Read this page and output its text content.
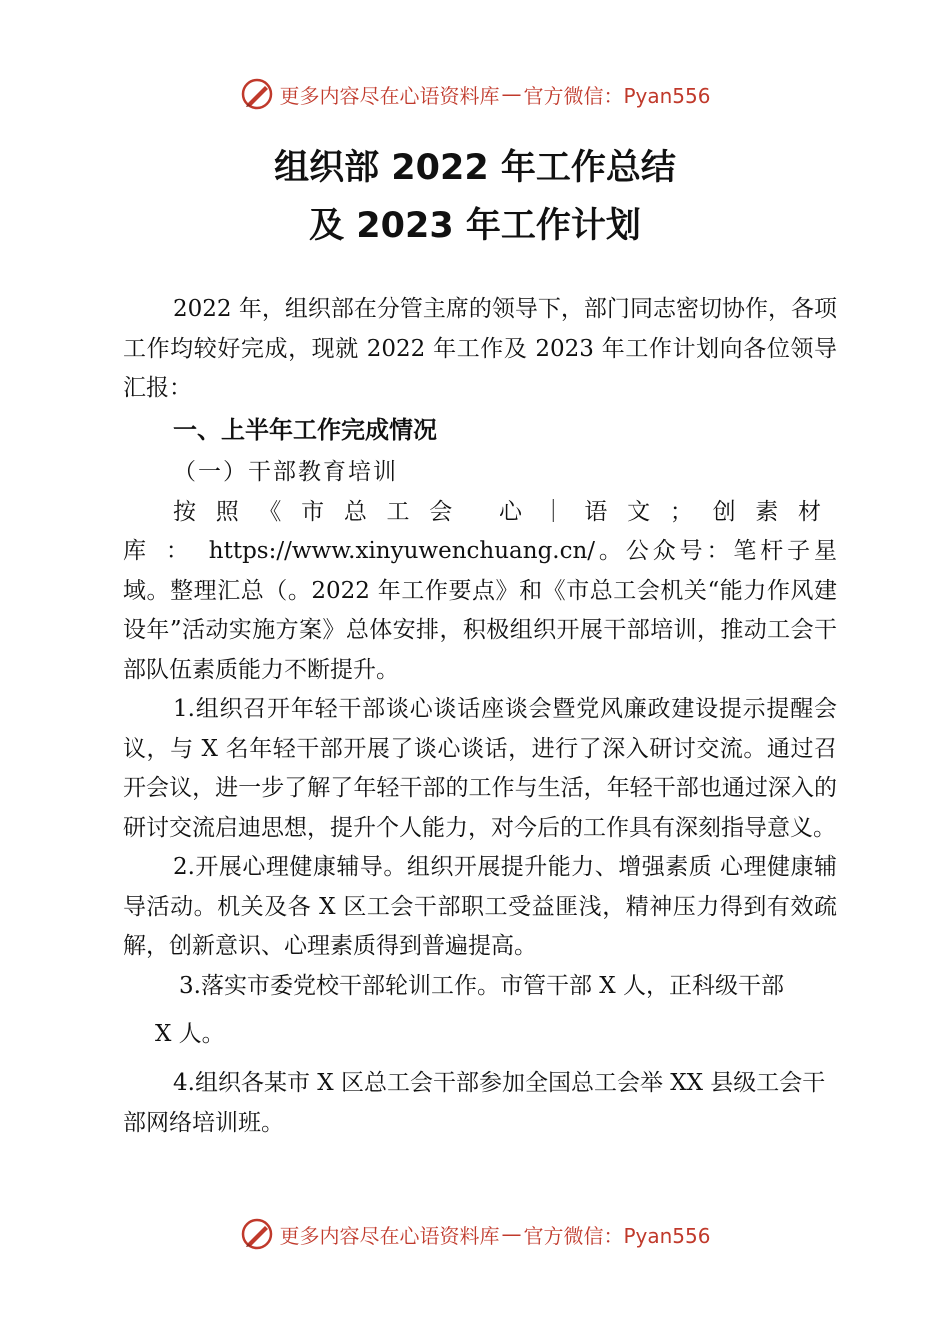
更多内容尽在心语资料库 — 官方微信：Pyan556
组织部 2022 年工作总结
及 2023 年工作计划

2022 年，组织部在分管主席的领导下，部门同志密切协作，各项工作均较好完成，现就 2022 年工作及 2023 年工作计划向各位领导汇报：

一、上半年工作完成情况

（一）干部教育培训

按照《市总工会 心｜语文；创素材库：https://www.xinyuwenchuang.cn/。公众号：笔杆子星域。整理汇总（。2022 年工作要点》和《市总工会机关“能力作风建设年”活动实施方案》总体安排，积极组织开展干部培训，推动工会干部队伍素质能力不断提升。

1.组织召开年轻干部谈心谈话座谈会暨党风廉政建设提示提醒会议，与 X 名年轻干部开展了谈心谈话，进行了深入研讨交流。通过召开会议，进一步了解了年轻干部的工作与生活，年轻干部也通过深入的研讨交流启迪思想，提升个人能力，对今后的工作具有深刻指导意义。

2.开展心理健康辅导。组织开展提升能力、增强素质 心理健康辅导活动。机关及各 X 区工会干部职工受益匪浅，精神压力得到有效疏解，创新意识、心理素质得到普遍提高。

3.落实市委党校干部轮训工作。市管干部 X 人，正科级干部

X 人。

4.组织各某市 X 区总工会干部参加全国总工会举 XX 县级工会干部网络培训班。

更多内容尽在心语资料库 — 官方微信：Pyan556
